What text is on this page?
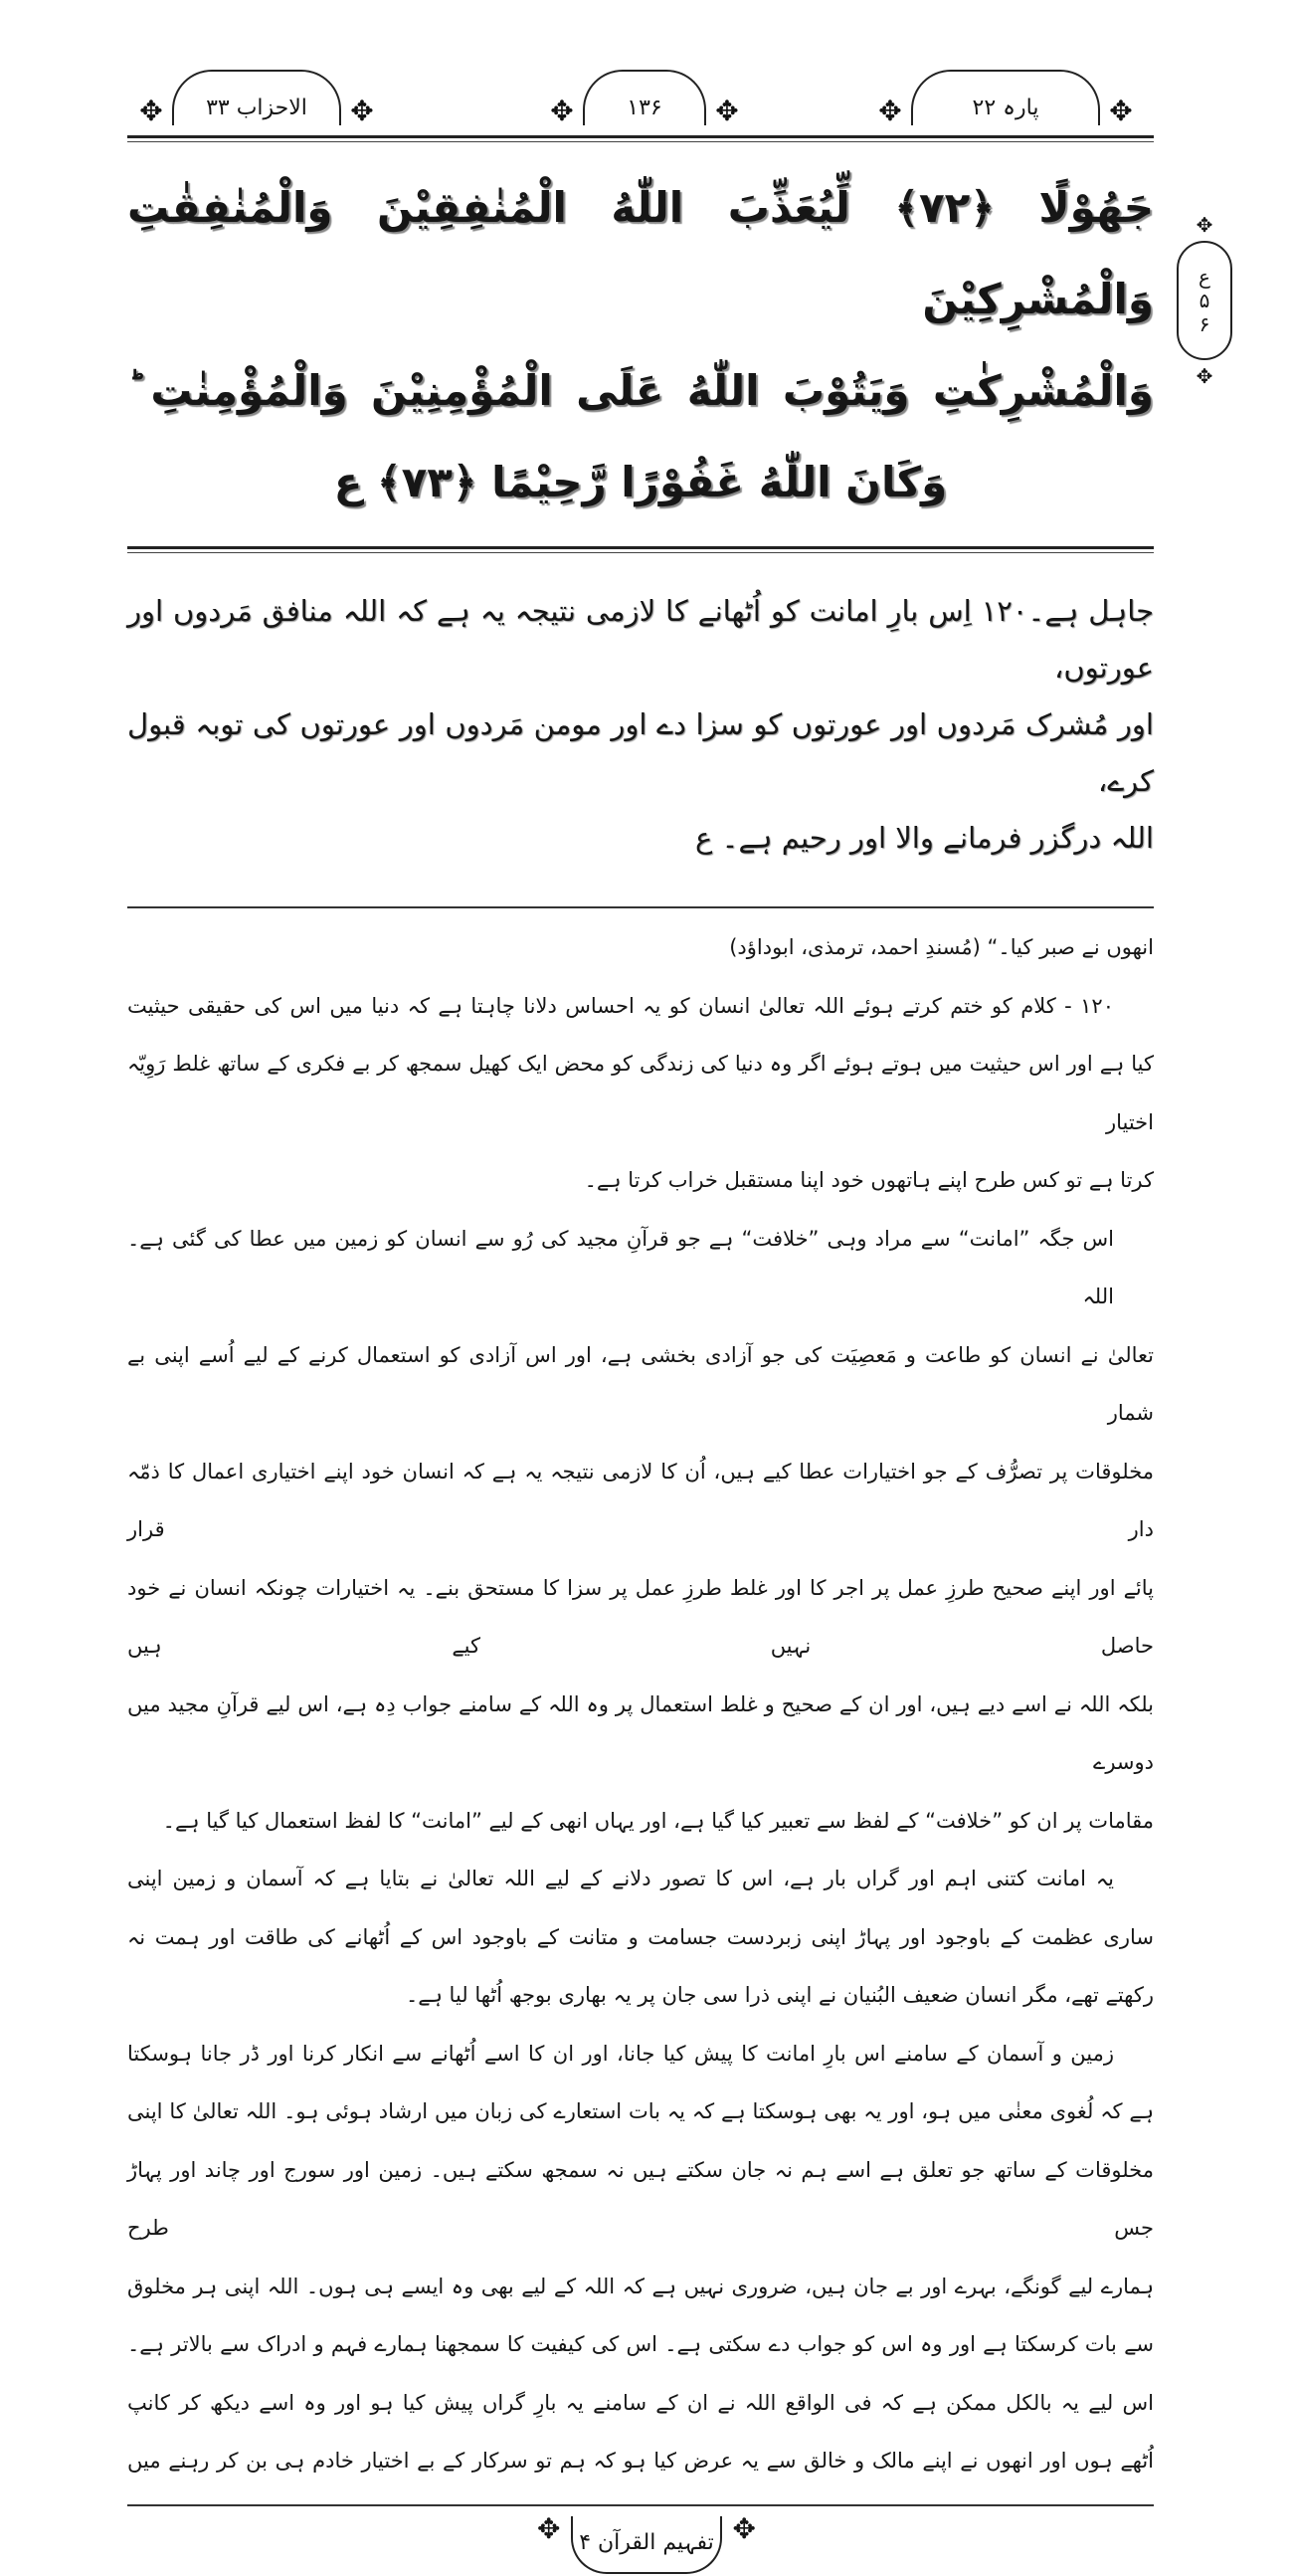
✥ الاحزاب ۳۳ ✥	✥ ۱۳۶ ✥	✥	پارہ ۲۲	✥
جَهُوْلًا ﴿۷۲﴾ لِّيُعَذِّبَ اللّٰهُ الْمُنٰفِقِيْنَ وَالْمُنٰفِقٰتِ وَالْمُشْرِكِيْنَ
وَالْمُشْرِكٰتِ وَيَتُوْبَ اللّٰهُ عَلَى الْمُؤْمِنِيْنَ وَالْمُؤْمِنٰتِ ؕ
وَكَانَ اللّٰهُ غَفُوْرًا رَّحِيْمًا ﴿۷۳﴾ ع
✥ ع
۵
۶
✥
جاہل ہے۔۱۲۰ اِس بارِ امانت کو اُٹھانے کا لازمی نتیجہ یہ ہے کہ اللہ منافق مَردوں اور عورتوں،
اور مُشرک مَردوں اور عورتوں کو سزا دے اور مومن مَردوں اور عورتوں کی توبہ قبول کرے،
اللہ درگزر فرمانے والا اور رحیم ہے۔ ع
انھوں نے صبر کیا۔“ (مُسندِ احمد، ترمذی، ابوداؤد)
۱۲۰ - کلام کو ختم کرتے ہوئے اللہ تعالیٰ انسان کو یہ احساس دلانا چاہتا ہے کہ دنیا میں اس کی حقیقی حیثیت
کیا ہے اور اس حیثیت میں ہوتے ہوئے اگر وہ دنیا کی زندگی کو محض ایک کھیل سمجھ کر بے فکری کے ساتھ غلط رَوِیّہ اختیار
کرتا ہے تو کس طرح اپنے ہاتھوں خود اپنا مستقبل خراب کرتا ہے۔
اس جگہ ”امانت“ سے مراد وہی ”خلافت“ ہے جو قرآنِ مجید کی رُو سے انسان کو زمین میں عطا کی گئی ہے۔ اللہ
تعالیٰ نے انسان کو طاعت و مَعصِیَت کی جو آزادی بخشی ہے، اور اس آزادی کو استعمال کرنے کے لیے اُسے اپنی بے شمار
مخلوقات پر تصرُّف کے جو اختیارات عطا کیے ہیں، اُن کا لازمی نتیجہ یہ ہے کہ انسان خود اپنے اختیاری اعمال کا ذمّہ دار قرار
پائے اور اپنے صحیح طرزِ عمل پر اجر کا اور غلط طرزِ عمل پر سزا کا مستحق بنے۔ یہ اختیارات چونکہ انسان نے خود حاصل نہیں کیے ہیں
بلکہ اللہ نے اسے دیے ہیں، اور ان کے صحیح و غلط استعمال پر وہ اللہ کے سامنے جواب دِہ ہے، اس لیے قرآنِ مجید میں دوسرے
مقامات پر ان کو ”خلافت“ کے لفظ سے تعبیر کیا گیا ہے، اور یہاں انھی کے لیے ”امانت“ کا لفظ استعمال کیا گیا ہے۔
یہ امانت کتنی اہم اور گراں بار ہے، اس کا تصور دلانے کے لیے اللہ تعالیٰ نے بتایا ہے کہ آسمان و زمین اپنی
ساری عظمت کے باوجود اور پہاڑ اپنی زبردست جسامت و متانت کے باوجود اس کے اُٹھانے کی طاقت اور ہمت نہ
رکھتے تھے، مگر انسان ضعیف البُنیان نے اپنی ذرا سی جان پر یہ بھاری بوجھ اُٹھا لیا ہے۔
زمین و آسمان کے سامنے اس بارِ امانت کا پیش کیا جانا، اور ان کا اسے اُٹھانے سے انکار کرنا اور ڈر جانا ہوسکتا
ہے کہ لُغوی معنٰی میں ہو، اور یہ بھی ہوسکتا ہے کہ یہ بات استعارے کی زبان میں ارشاد ہوئی ہو۔ اللہ تعالیٰ کا اپنی
مخلوقات کے ساتھ جو تعلق ہے اسے ہم نہ جان سکتے ہیں نہ سمجھ سکتے ہیں۔ زمین اور سورج اور چاند اور پہاڑ جس طرح
ہمارے لیے گونگے، بہرے اور بے جان ہیں، ضروری نہیں ہے کہ اللہ کے لیے بھی وہ ایسے ہی ہوں۔ اللہ اپنی ہر مخلوق
سے بات کرسکتا ہے اور وہ اس کو جواب دے سکتی ہے۔ اس کی کیفیت کا سمجھنا ہمارے فہم و ادراک سے بالاتر ہے۔
اس لیے یہ بالکل ممکن ہے کہ فی الواقع اللہ نے ان کے سامنے یہ بارِ گراں پیش کیا ہو اور وہ اسے دیکھ کر کانپ
اُٹھے ہوں اور انھوں نے اپنے مالک و خالق سے یہ عرض کیا ہو کہ ہم تو سرکار کے بے اختیار خادم ہی بن کر رہنے میں
✥ تفہیم القرآن ۴ ✥
